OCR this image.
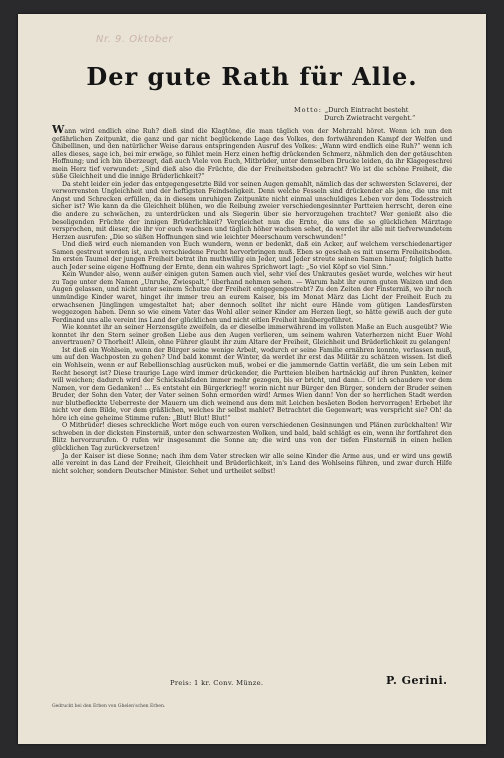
Nr. 9. Oktober
Der gute Rath für Alle.
Motto: „Durch Eintracht besteht
Durch Zwietracht vergeht.“

Wann wird endlich eine Ruh? dieß sind die Klagtöne, die man täglich von der Mehrzahl höret. Wenn ich nun den gefährlichen Zeitpunkt, die ganz und gar nicht beglückende Lage des Volkes, den fortwährenden Kampf der Welfen und Ghibellinen, und den natürlicher Weise daraus entspringenden Ausruf des Volkes: „Wann wird endlich eine Ruh?“ wenn ich alles dieses, sage ich, bei mir erwäge, so fühlet mein Herz einen heftig drückenden Schmerz, nähmlich den der getäuschten Hoffnung; und ich bin überzeugt, daß auch Viele von Euch, Mitbrüder, unter demselben Drucke leiden, da ihr Klagegeschrei mein Herz tief verwundet: „Sind dieß also die Früchte, die der Freiheitsboden gebracht? Wo ist die schöne Freiheit, die süße Gleichheit und die innige Brüderlichkeit?“

Da steht leider ein jeder das entgegengesetzte Bild vor seinen Augen gemahlt, nämlich das der schwersten Sclaverei, der verworrensten Ungleichheit und der heftigsten Feindseligkeit. Denn welche Fesseln sind drückender als jene, die uns mit Angst und Schrecken erfüllen, da in diesem unruhigen Zeitpunkte nicht einmal unschuldiges Leben vor dem Todesstreich sicher ist? Wie kann da die Gleichheit blühen, wo die Reibung zweier verschiedengesinnter Partteien herrscht, deren eine die andere zu schwächen, zu unterdrücken und als Siegerin über sie hervorzugehen trachtet? Wer genießt also die beseligenden Früchte der innigen Brüderlichkeit? Vergleichet nun die Ernte, die uns die so glücklichen Märztage versprochen, mit dieser, die ihr vor euch wachsen und täglich höher wachsen sehet, da werdet ihr alle mit tiefverwundetem Herzen ausrufen: „Die so süßen Hoffnungen sind wie leichter Meerschaum verschwunden!“

Und dieß wird euch niemanden von Euch wundern, wenn er bedenkt, daß ein Acker, auf welchem verschiedenartiger Samen gestreut worden ist, auch verschiedene Frucht hervorbringen muß. Eben so geschah es mit unserm Freiheitsboden. Im ersten Taumel der jungen Freiheit betrat ihn muthwillig ein Jeder, und Jeder streute seinen Samen hinauf; folglich hatte auch Jeder seine eigene Hoffnung der Ernte, denn ein wahres Sprichwort lagt: „So viel Köpf so viel Sinn.“

Kein Wunder also, wenn außer einigen guten Samen auch viel, sehr viel des Unkrautes gesäet wurde, welches wir heut zu Tage unter dem Namen „Unruhe, Zwiespalt,“ überhand nehmen sehen. — Warum habt ihr euren guten Waizen und den Augen gelassen, und nicht unter seinem Schutze der Freiheit entgegengestrebt? Zu den Zeiten der Finsterniß, wo ihr noch unmündige Kinder waret, hinget ihr immer treu an eurem Kaiser, bis im Monat März das Licht der Freiheit Euch zu erwachsenen Jünglingen umgestaltet hat; aber dennoch solltet ihr nicht eure Hände vom gütigen Landesfürsten weggezogen haben. Denn so wie einem Vater das Wohl aller seiner Kinder am Herzen liegt, so hätte gewiß auch der gute Ferdinand uns alle vereint ins Land der glücklichen und nicht eitlen Freiheit hinübergeführet.

Wie konntet ihr an seiner Herzensgüte zweifeln, da er dieselbe immerwährend im vollsten Maße an Euch ausgeübt? Wie konntet ihr den Stern seiner großen Liebe aus den Augen verlieren, um seinem wahren Vaterherzen nicht Euer Wohl anvertrauen? O Thorheit! Allein, ohne Führer glaubt ihr zum Altare der Freiheit, Gleichheit und Brüderlichkeit zu gelangen!

Ist dieß ein Wohlsein, wenn der Bürger seine wenige Arbeit, wodurch er seine Familie ernähren konnte, verlassen muß, um auf den Wachposten zu gehen? Und bald kommt der Winter, da werdet ihr erst das Militär zu schätzen wissen. Ist dieß ein Wohlsein, wenn er auf Rebellionschlag ausrücken muß, wobei er die jammernde Gattin verläßt, die um sein Leben mit Recht besorgt ist? Diese traurige Lage wird immer drückender, die Partteien bleiben hartnäckig auf ihren Punkten, keiner will weichen; dadurch wird der Schicksalsfaden immer mehr gezogen, bis er bricht, und dann... O! ich schaudere vor dem Namen, vor dem Gedanken! ... Es entsteht ein Bürgerkrieg!! worin nicht nur Bürger den Bürger, sondern der Bruder seinen Bruder, der Sohn den Vater, der Vater seinen Sohn ermorden wird! Armes Wien dann! Von der so herrlichen Stadt werden nur blutbefleckte Ueberreste der Mauern um dich weinend aus dem mit Leichen besäeten Boden hervorragen! Erbebet ihr nicht vor dem Bilde, vor dem gräßlichen, welches ihr selbst mahlet? Betrachtet die Gegenwart; was verspricht sie? Oh! da höre ich eine geheime Stimme rufen: „Blut! Blut! Blut!“

O Mitbrüder! dieses schreckliche Wort möge euch von euren verschiedenen Gesinnungen und Plänen zurückhalten! Wir schweben in der dicksten Finsterniß, unter den schwarzesten Wolken, und bald, bald schlägt es ein, wenn ihr fortfahret den Blitz hervorzurufen. O rufen wir insgesammt die Sonne an; die wird uns von der tiefen Finsterniß in einen hellen glücklichen Tag zurückversetzen!

Ja der Kaiser ist diese Sonne; nach ihm dem Vater strecken wir alle seine Kinder die Arme aus, und er wird uns gewiß alle vereint in das Land der Freiheit, Gleichheit und Brüderlichkeit, in's Land des Wohlseins führen, und zwar durch Hilfe nicht solcher, sondern Deutscher Minister. Sehet und urtheilet selbst!

Preis: 1 kr. Conv. Münze.	P. Gerini.
Gedruckt bei den Erben von Ghelen'schen Erben.
